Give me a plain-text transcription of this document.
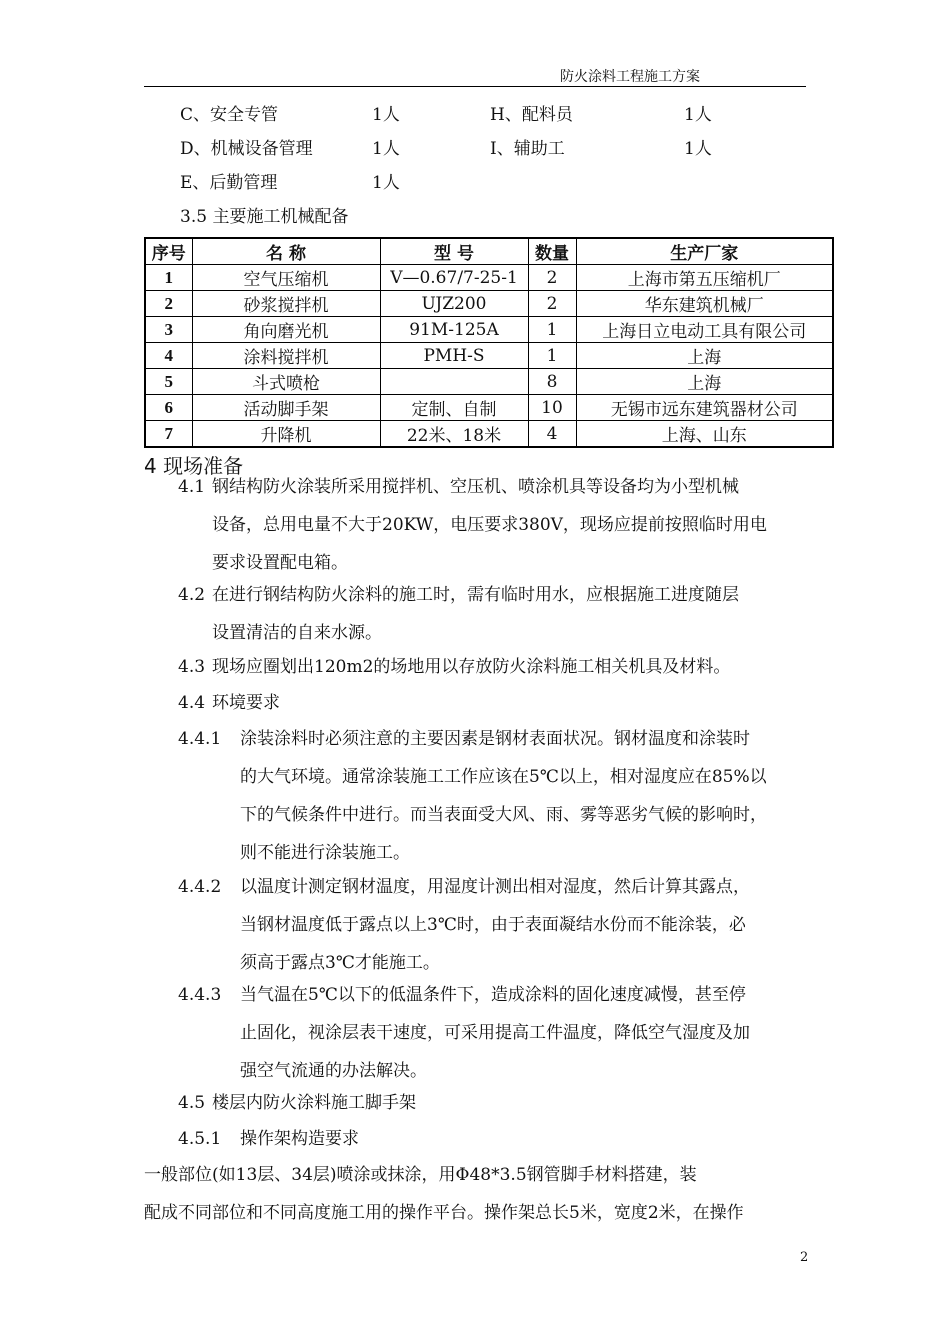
防火涂料工程施工方案
C、安全专管	1人	H、配料员	1人
D、机械设备管理	1人	I、辅助工	1人
E、后勤管理	1人
3.5 主要施工机械配备
序号	名 称	型 号	数量	生产厂家
1	空气压缩机	V—0.67/7-25-1	2	上海市第五压缩机厂
2	砂浆搅拌机	UJZ200	2	华东建筑机械厂
3	角向磨光机	91M-125A	1	上海日立电动工具有限公司
4	涂料搅拌机	PMH-S	1	上海
5	斗式喷枪		8	上海
6	活动脚手架	定制、自制	10	无锡市远东建筑器材公司
7	升降机	22米、18米	4	上海、山东
4 现场准备
4.1 钢结构防火涂装所采用搅拌机、空压机、喷涂机具等设备均为小型机械
设备，总用电量不大于20KW，电压要求380V，现场应提前按照临时用电
要求设置配电箱。
4.2 在进行钢结构防火涂料的施工时，需有临时用水，应根据施工进度随层
设置清洁的自来水源。
4.3 现场应圈划出120m2的场地用以存放防火涂料施工相关机具及材料。
4.4 环境要求
4.4.1 涂装涂料时必须注意的主要因素是钢材表面状况。钢材温度和涂装时
的大气环境。通常涂装施工工作应该在5℃以上，相对湿度应在85%以
下的气候条件中进行。而当表面受大风、雨、雾等恶劣气候的影响时，
则不能进行涂装施工。
4.4.2 以温度计测定钢材温度，用湿度计测出相对湿度，然后计算其露点，
当钢材温度低于露点以上3℃时，由于表面凝结水份而不能涂装，必
须高于露点3℃才能施工。
4.4.3 当气温在5℃以下的低温条件下，造成涂料的固化速度减慢，甚至停
止固化，视涂层表干速度，可采用提高工件温度，降低空气湿度及加
强空气流通的办法解决。
4.5 楼层内防火涂料施工脚手架
4.5.1 操作架构造要求
一般部位(如13层、34层)喷涂或抹涂，用Φ48*3.5钢管脚手材料搭建，装
配成不同部位和不同高度施工用的操作平台。操作架总长5米，宽度2米，在操作
2
